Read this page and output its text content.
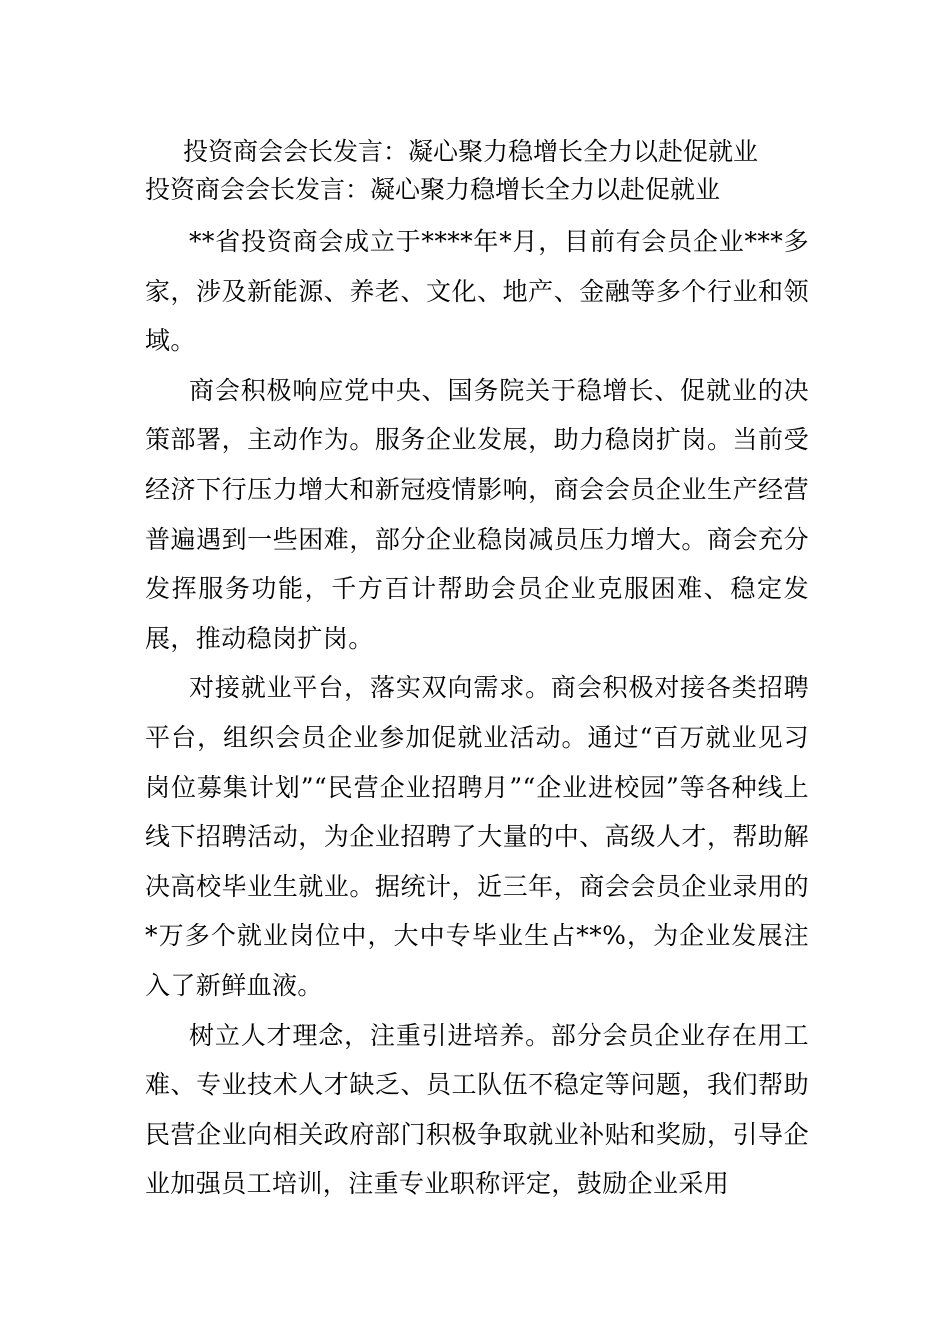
投资商会会长发言：凝心聚力稳增长全力以赴促就业
投资商会会长发言：凝心聚力稳增长全力以赴促就业

**省投资商会成立于****年*月，目前有会员企业***多家，涉及新能源、养老、文化、地产、金融等多个行业和领域。

商会积极响应党中央、国务院关于稳增长、促就业的决策部署，主动作为。服务企业发展，助力稳岗扩岗。当前受经济下行压力增大和新冠疫情影响，商会会员企业生产经营普遍遇到一些困难，部分企业稳岗减员压力增大。商会充分发挥服务功能，千方百计帮助会员企业克服困难、稳定发展，推动稳岗扩岗。

对接就业平台，落实双向需求。商会积极对接各类招聘平台，组织会员企业参加促就业活动。通过“百万就业见习岗位募集计划”“民营企业招聘月”“企业进校园”等各种线上线下招聘活动，为企业招聘了大量的中、高级人才，帮助解决高校毕业生就业。据统计，近三年，商会会员企业录用的*万多个就业岗位中，大中专毕业生占**%，为企业发展注入了新鲜血液。

树立人才理念，注重引进培养。部分会员企业存在用工难、专业技术人才缺乏、员工队伍不稳定等问题，我们帮助民营企业向相关政府部门积极争取就业补贴和奖励，引导企业加强员工培训，注重专业职称评定，鼓励企业采用
